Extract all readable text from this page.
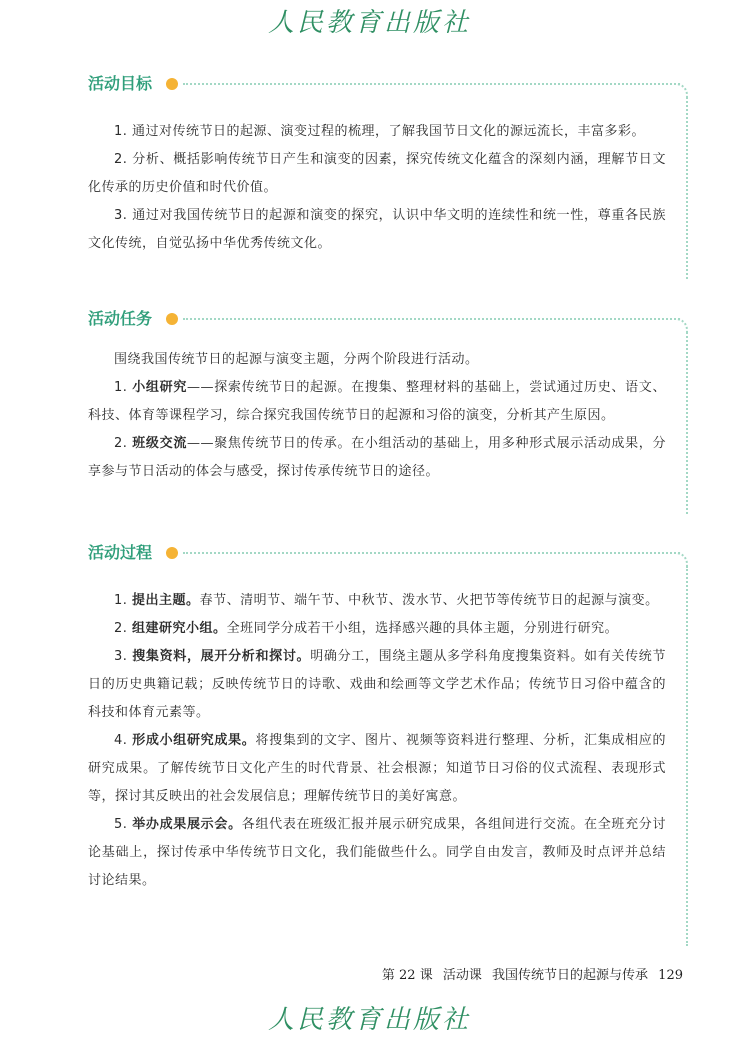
人民教育出版社
活动目标

1. 通过对传统节日的起源、演变过程的梳理，了解我国节日文化的源远流长，丰富多彩。

2. 分析、概括影响传统节日产生和演变的因素，探究传统文化蕴含的深刻内涵，理解节日文化传承的历史价值和时代价值。

3. 通过对我国传统节日的起源和演变的探究，认识中华文明的连续性和统一性，尊重各民族文化传统，自觉弘扬中华优秀传统文化。

活动任务

围绕我国传统节日的起源与演变主题，分两个阶段进行活动。

1. 小组研究——探索传统节日的起源。在搜集、整理材料的基础上，尝试通过历史、语文、科技、体育等课程学习，综合探究我国传统节日的起源和习俗的演变，分析其产生原因。

2. 班级交流——聚焦传统节日的传承。在小组活动的基础上，用多种形式展示活动成果，分享参与节日活动的体会与感受，探讨传承传统节日的途径。

活动过程

1. 提出主题。春节、清明节、端午节、中秋节、泼水节、火把节等传统节日的起源与演变。

2. 组建研究小组。全班同学分成若干小组，选择感兴趣的具体主题，分别进行研究。

3. 搜集资料，展开分析和探讨。明确分工，围绕主题从多学科角度搜集资料。如有关传统节日的历史典籍记载；反映传统节日的诗歌、戏曲和绘画等文学艺术作品；传统节日习俗中蕴含的科技和体育元素等。

4. 形成小组研究成果。将搜集到的文字、图片、视频等资料进行整理、分析，汇集成相应的研究成果。了解传统节日文化产生的时代背景、社会根源；知道节日习俗的仪式流程、表现形式等，探讨其反映出的社会发展信息；理解传统节日的美好寓意。

5. 举办成果展示会。各组代表在班级汇报并展示研究成果，各组间进行交流。在全班充分讨论基础上，探讨传承中华传统节日文化，我们能做些什么。同学自由发言，教师及时点评并总结讨论结果。

第 22 课 活动课 我国传统节日的起源与传承 129
人民教育出版社
